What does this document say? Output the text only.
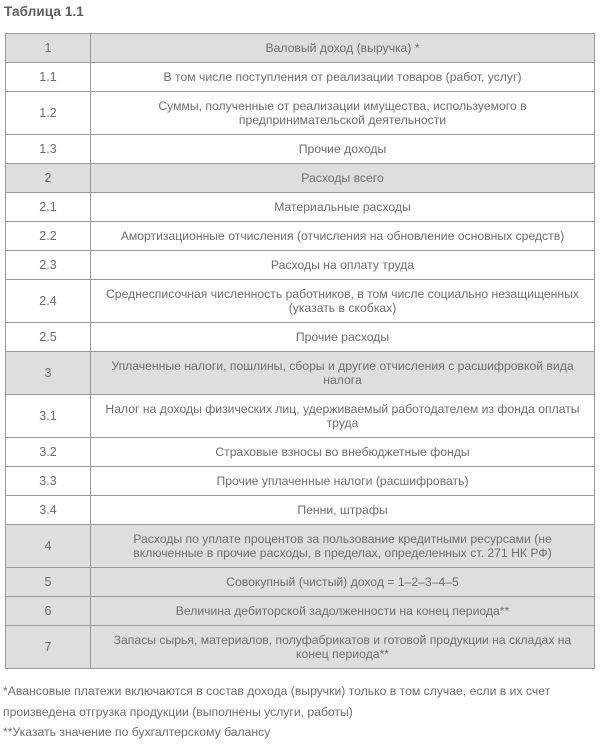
Таблица 1.1
1	Валовый доход (выручка) *
1.1	В том числе поступления от реализации товаров (работ, услуг)
1.2	Суммы, полученные от реализации имущества, используемого в предпринимательской деятельности
1.3	Прочие доходы
2	Расходы всего
2.1	Материальные расходы
2.2	Амортизационные отчисления (отчисления на обновление основных средств)
2.3	Расходы на оплату труда
2.4	Среднесписочная численность работников, в том числе социально незащищенных (указать в скобках)
2.5	Прочие расходы
3	Уплаченные налоги, пошлины, сборы и другие отчисления с расшифровкой вида налога
3.1	Налог на доходы физических лиц, удерживаемый работодателем из фонда оплаты труда
3.2	Страховые взносы во внебюджетные фонды
3.3	Прочие уплаченные налоги (расшифровать)
3.4	Пенни, штрафы
4	Расходы по уплате процентов за пользование кредитными ресурсами (не включенные в прочие расходы, в пределах, определенных ст. 271 НК РФ)
5	Совокупный (чистый) доход = 1–2–3–4–5
6	Величина дебиторской задолженности на конец периода**
7	Запасы сырья, материалов, полуфабрикатов и готовой продукции на складах на конец периода**

*Авансовые платежи включаются в состав дохода (выручки) только в том случае, если в их счет произведена отгрузка продукции (выполнены услуги, работы)

**Указать значение по бухгалтерскому балансу
